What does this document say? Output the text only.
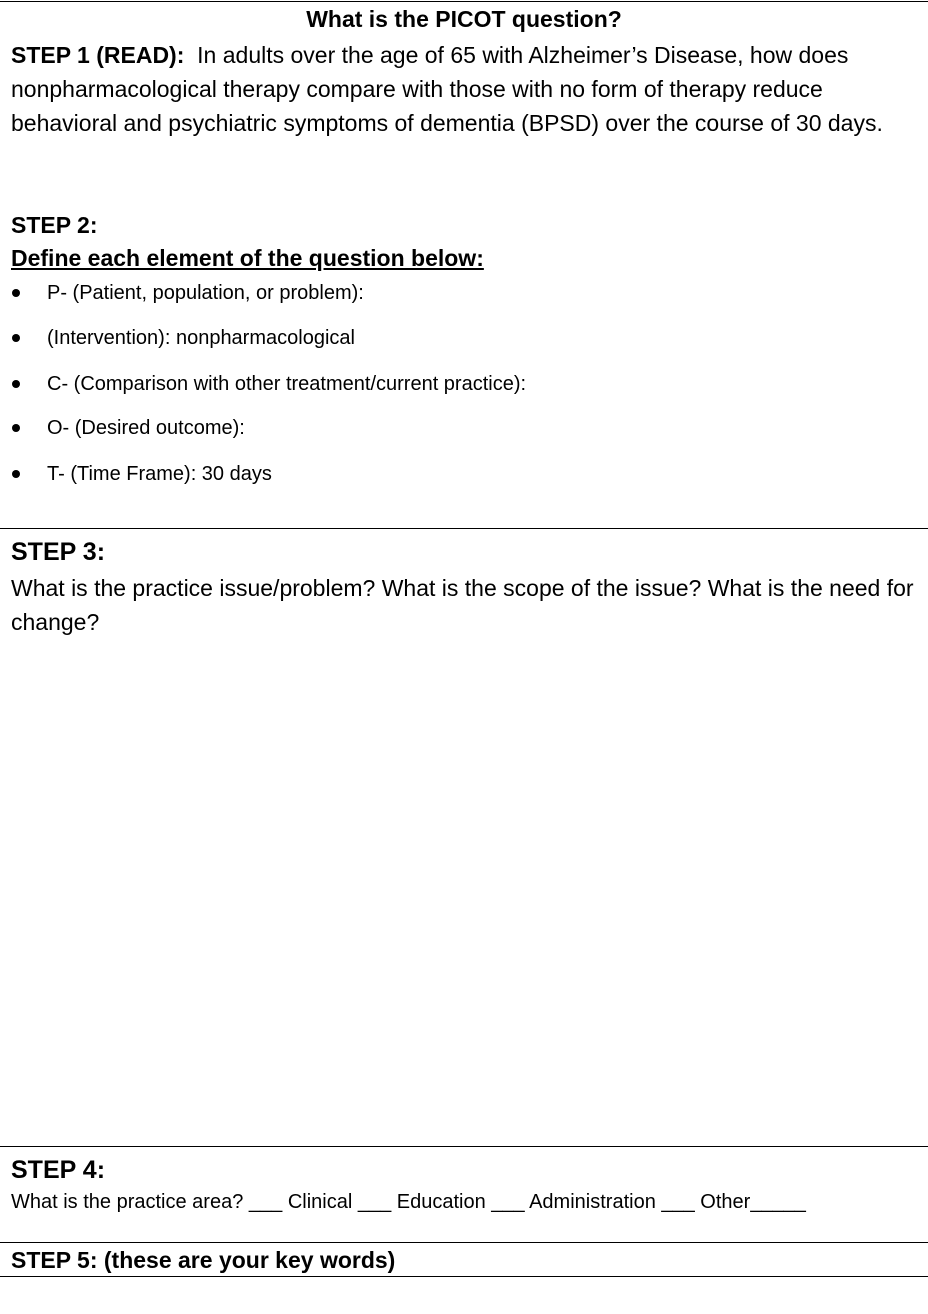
What is the PICOT question?
STEP 1 (READ): In adults over the age of 65 with Alzheimer’s Disease, how does nonpharmacological therapy compare with those with no form of therapy reduce behavioral and psychiatric symptoms of dementia (BPSD) over the course of 30 days.
STEP 2:
Define each element of the question below:
P- (Patient, population, or problem):
(Intervention): nonpharmacological
C- (Comparison with other treatment/current practice):
O- (Desired outcome):
T- (Time Frame): 30 days
STEP 3:
What is the practice issue/problem? What is the scope of the issue? What is the need for change?
STEP 4:
What is the practice area? ___ Clinical ___ Education ___ Administration ___ Other_____
STEP 5: (these are your key words)
